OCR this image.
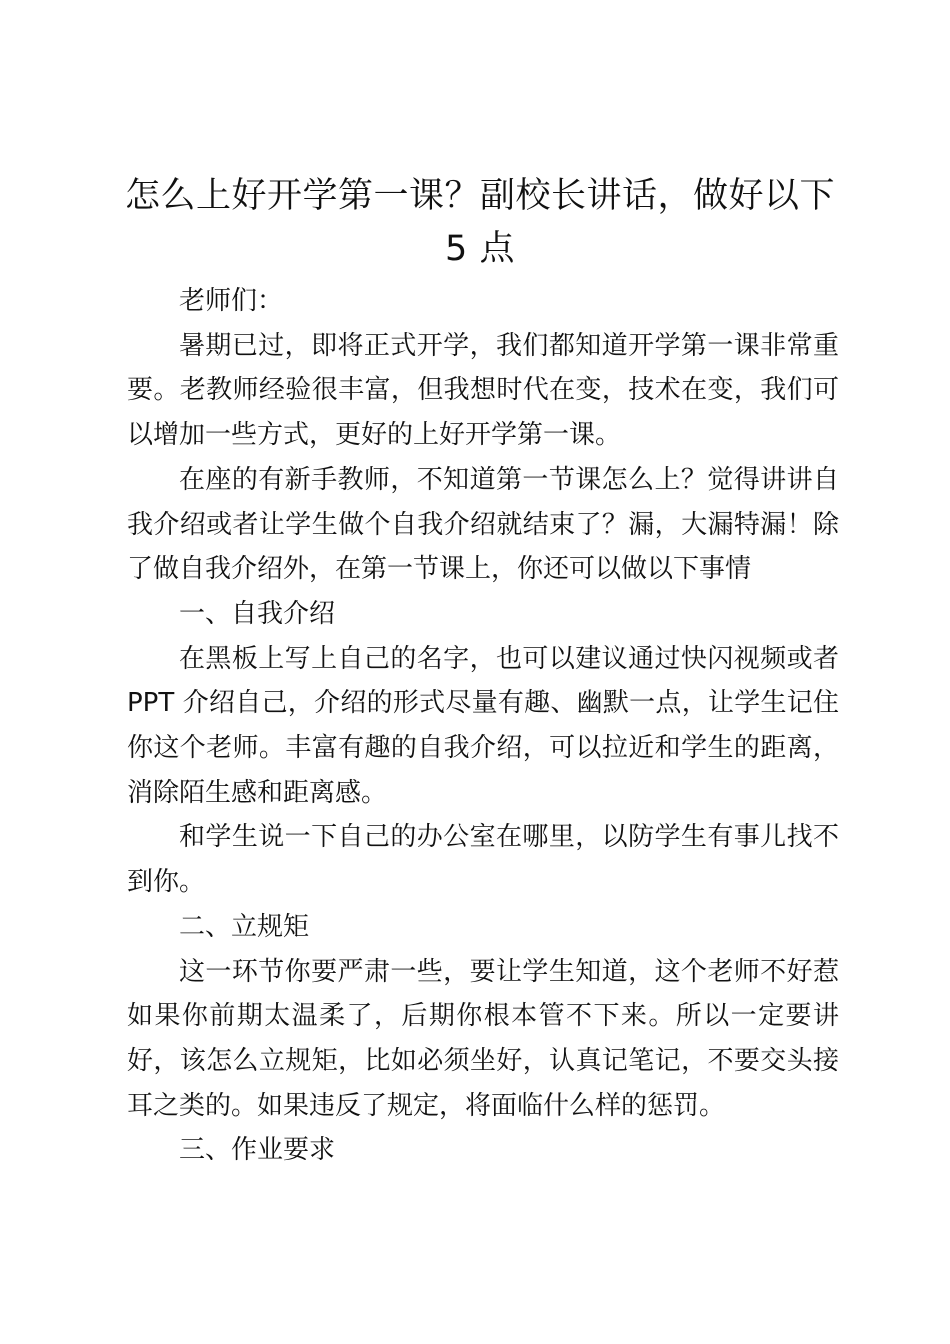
怎么上好开学第一课？副校长讲话，做好以下 5 点

老师们：

暑期已过，即将正式开学，我们都知道开学第一课非常重要。老教师经验很丰富，但我想时代在变，技术在变，我们可以增加一些方式，更好的上好开学第一课。

在座的有新手教师，不知道第一节课怎么上？觉得讲讲自我介绍或者让学生做个自我介绍就结束了？漏，大漏特漏！除了做自我介绍外，在第一节课上，你还可以做以下事情

一、自我介绍

在黑板上写上自己的名字，也可以建议通过快闪视频或者 PPT 介绍自己，介绍的形式尽量有趣、幽默一点，让学生记住你这个老师。丰富有趣的自我介绍，可以拉近和学生的距离，消除陌生感和距离感。

和学生说一下自己的办公室在哪里，以防学生有事儿找不到你。

二、立规矩

这一环节你要严肃一些，要让学生知道，这个老师不好惹如果你前期太温柔了，后期你根本管不下来。所以一定要讲好，该怎么立规矩，比如必须坐好，认真记笔记，不要交头接耳之类的。如果违反了规定，将面临什么样的惩罚。

三、作业要求
